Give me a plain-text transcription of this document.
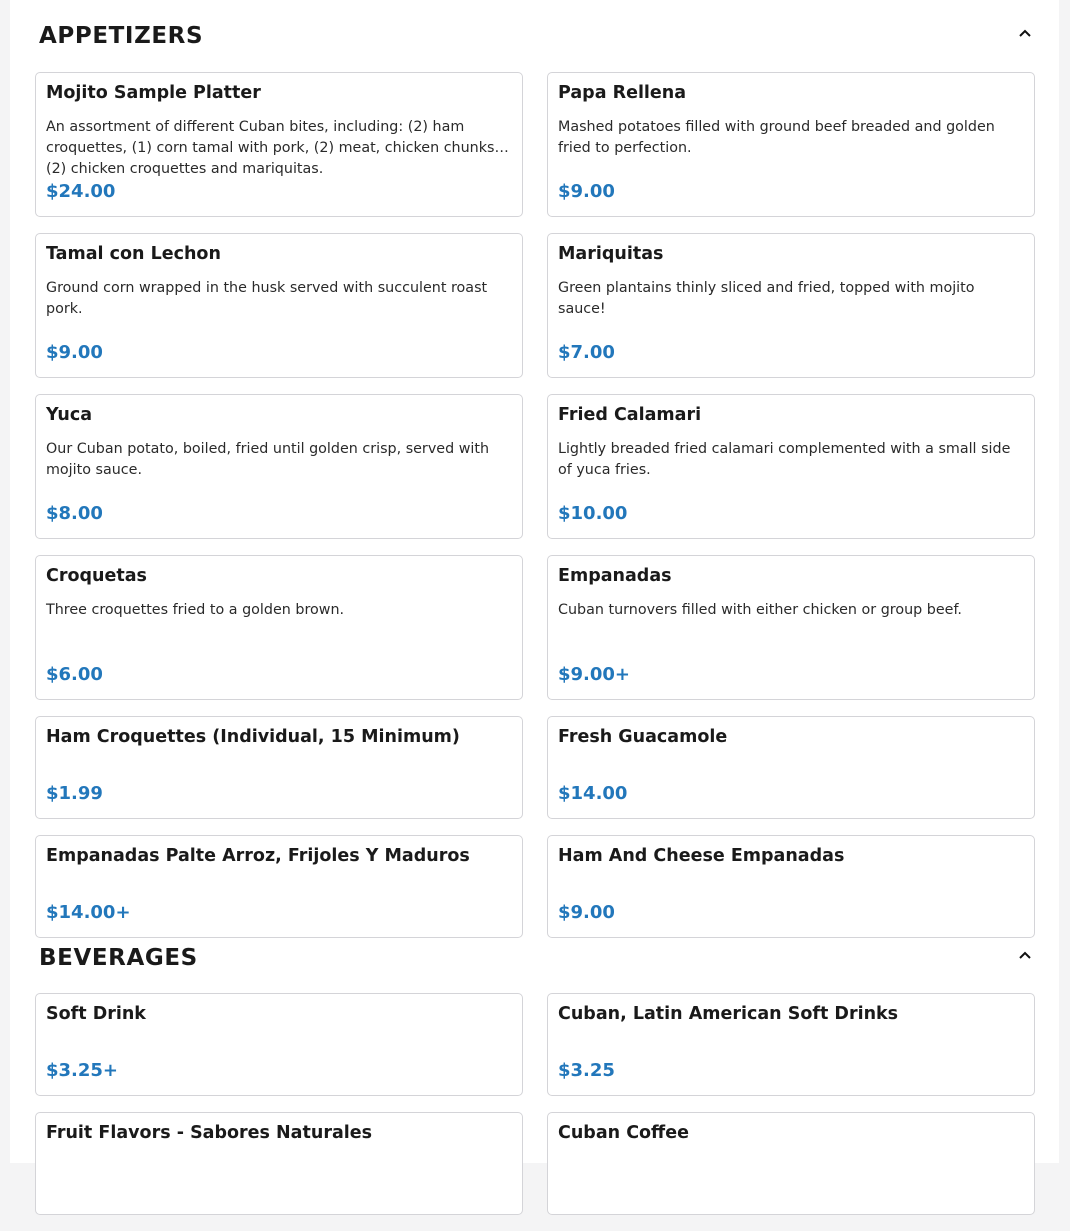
APPETIZERS
Mojito Sample Platter
An assortment of different Cuban bites, including: (2) ham croquettes, (1) corn tamal with pork, (2) meat, chicken chunks, (2) chicken croquettes and mariquitas.
$24.00
Papa Rellena
Mashed potatoes filled with ground beef breaded and golden fried to perfection.
$9.00
Tamal con Lechon
Ground corn wrapped in the husk served with succulent roast pork.
$9.00
Mariquitas
Green plantains thinly sliced and fried, topped with mojito sauce!
$7.00
Yuca
Our Cuban potato, boiled, fried until golden crisp, served with mojito sauce.
$8.00
Fried Calamari
Lightly breaded fried calamari complemented with a small side of yuca fries.
$10.00
Croquetas
Three croquettes fried to a golden brown.
$6.00
Empanadas
Cuban turnovers filled with either chicken or group beef.
$9.00+
Ham Croquettes (Individual, 15 Minimum)
$1.99
Fresh Guacamole
$14.00
Empanadas Palte Arroz, Frijoles Y Maduros
$14.00+
Ham And Cheese Empanadas
$9.00
BEVERAGES
Soft Drink
$3.25+
Cuban, Latin American Soft Drinks
$3.25
Fruit Flavors - Sabores Naturales	Cuban Coffee
